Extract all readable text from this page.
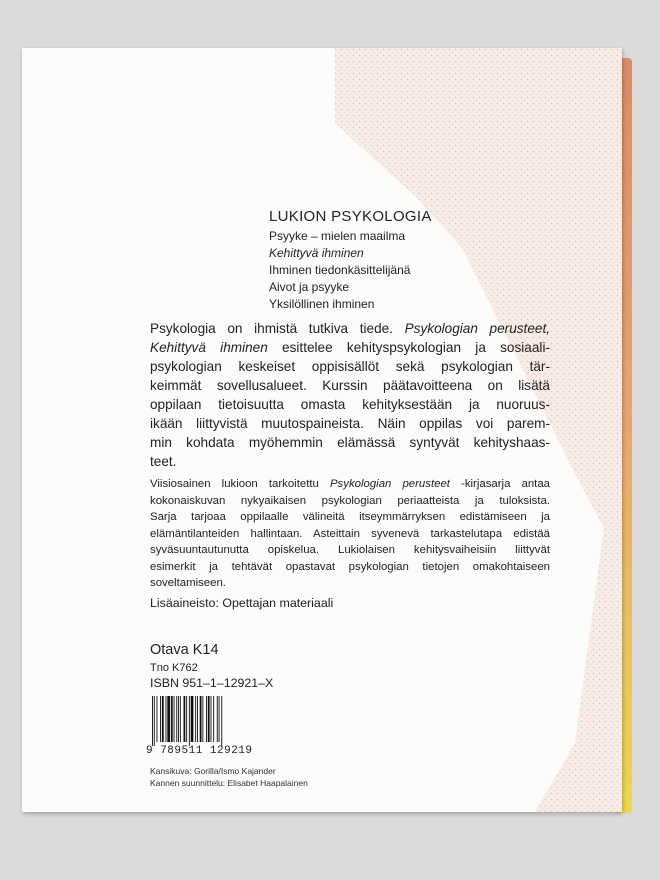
LUKION PSYKOLOGIA
Psyyke – mielen maailma
Kehittyvä ihminen
Ihminen tiedonkäsittelijänä
Aivot ja psyyke
Yksilöllinen ihminen
Psykologia on ihmistä tutkiva tiede. Psykologian perusteet,
Kehittyvä ihminen esittelee kehityspsykologian ja sosiaali-
psykologian keskeiset oppisisällöt sekä psykologian tär-
keimmät sovellusalueet. Kurssin päätavoitteena on lisätä
oppilaan tietoisuutta omasta kehityksestään ja nuoruus-
ikään liittyvistä muutospaineista. Näin oppilas voi parem-
min kohdata myöhemmin elämässä syntyvät kehityshaas-
teet.
Viisiosainen lukioon tarkoitettu Psykologian perusteet -kirjasarja antaa
kokonaiskuvan nykyaikaisen psykologian periaatteista ja tuloksista.
Sarja tarjoaa oppilaalle välineitä itseymmärryksen edistämiseen ja
elämäntilanteiden hallintaan. Asteittain syvenevä tarkastelutapa edistää
syväsuuntautunutta opiskelua. Lukiolaisen kehitysvaiheisiin liittyvät
esimerkit ja tehtävät opastavat psykologian tietojen omakohtaiseen
soveltamiseen.
Lisäaineisto: Opettajan materiaali
Otava K14
Tno K762
ISBN 951–1–12921–X
9 789511 129219
Kansikuva: Gorilla/Ismo Kajander
Kannen suunnittelu: Elisabet Haapalainen
